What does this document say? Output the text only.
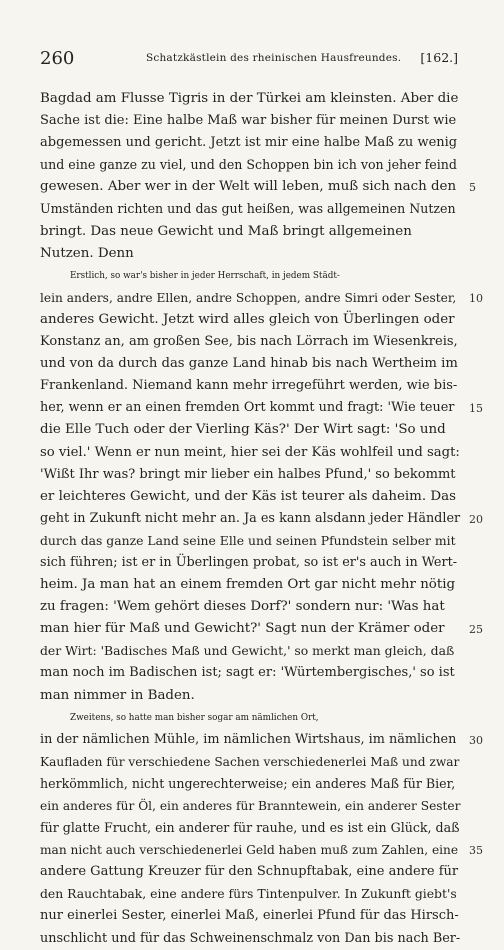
260	Schatzkästlein des rheinischen Hausfreundes. [162.]
Bagdad am Flusse Tigris in der Türkei am kleinsten. Aber die
Sache ist die: Eine halbe Maß war bisher für meinen Durst wie
abgemessen und gericht. Jetzt ist mir eine halbe Maß zu wenig
und eine ganze zu viel, und den Schoppen bin ich von jeher feind
gewesen. Aber wer in der Welt will leben, muß sich nach den	5
Umständen richten und das gut heißen, was allgemeinen Nutzen
bringt. Das neue Gewicht und Maß bringt allgemeinen
Nutzen. Denn
Erstlich, so war's bisher in jeder Herrschaft, in jedem Städt-
lein anders, andre Ellen, andre Schoppen, andre Simri oder Sester,	10
anderes Gewicht. Jetzt wird alles gleich von Überlingen oder
Konstanz an, am großen See, bis nach Lörrach im Wiesenkreis,
und von da durch das ganze Land hinab bis nach Wertheim im
Frankenland. Niemand kann mehr irregeführt werden, wie bis-
her, wenn er an einen fremden Ort kommt und fragt: 'Wie teuer	15
die Elle Tuch oder der Vierling Käs?' Der Wirt sagt: 'So und
so viel.' Wenn er nun meint, hier sei der Käs wohlfeil und sagt:
'Wißt Ihr was? bringt mir lieber ein halbes Pfund,' so bekommt
er leichteres Gewicht, und der Käs ist teurer als daheim. Das
geht in Zukunft nicht mehr an. Ja es kann alsdann jeder Händler 20
durch das ganze Land seine Elle und seinen Pfundstein selber mit
sich führen; ist er in Überlingen probat, so ist er's auch in Wert-
heim. Ja man hat an einem fremden Ort gar nicht mehr nötig
zu fragen: 'Wem gehört dieses Dorf?' sondern nur: 'Was hat
man hier für Maß und Gewicht?' Sagt nun der Krämer oder	25
der Wirt: 'Badisches Maß und Gewicht,' so merkt man gleich, daß
man noch im Badischen ist; sagt er: 'Würtembergisches,' so ist
man nimmer in Baden.
Zweitens, so hatte man bisher sogar am nämlichen Ort,
in der nämlichen Mühle, im nämlichen Wirtshaus, im nämlichen	30
Kaufladen für verschiedene Sachen verschiedenerlei Maß und zwar
herkömmlich, nicht ungerechterweise; ein anderes Maß für Bier,
ein anderes für Öl, ein anderes für Branntewein, ein anderer Sester
für glatte Frucht, ein anderer für rauhe, und es ist ein Glück, daß
man nicht auch verschiedenerlei Geld haben muß zum Zahlen, eine 35
andere Gattung Kreuzer für den Schnupftabak, eine andere für
den Rauchtabak, eine andere fürs Tintenpulver. In Zukunft giebt's
nur einerlei Sester, einerlei Maß, einerlei Pfund für das Hirsch-
unschlicht und für das Schweinenschmalz von Dan bis nach Ber-
